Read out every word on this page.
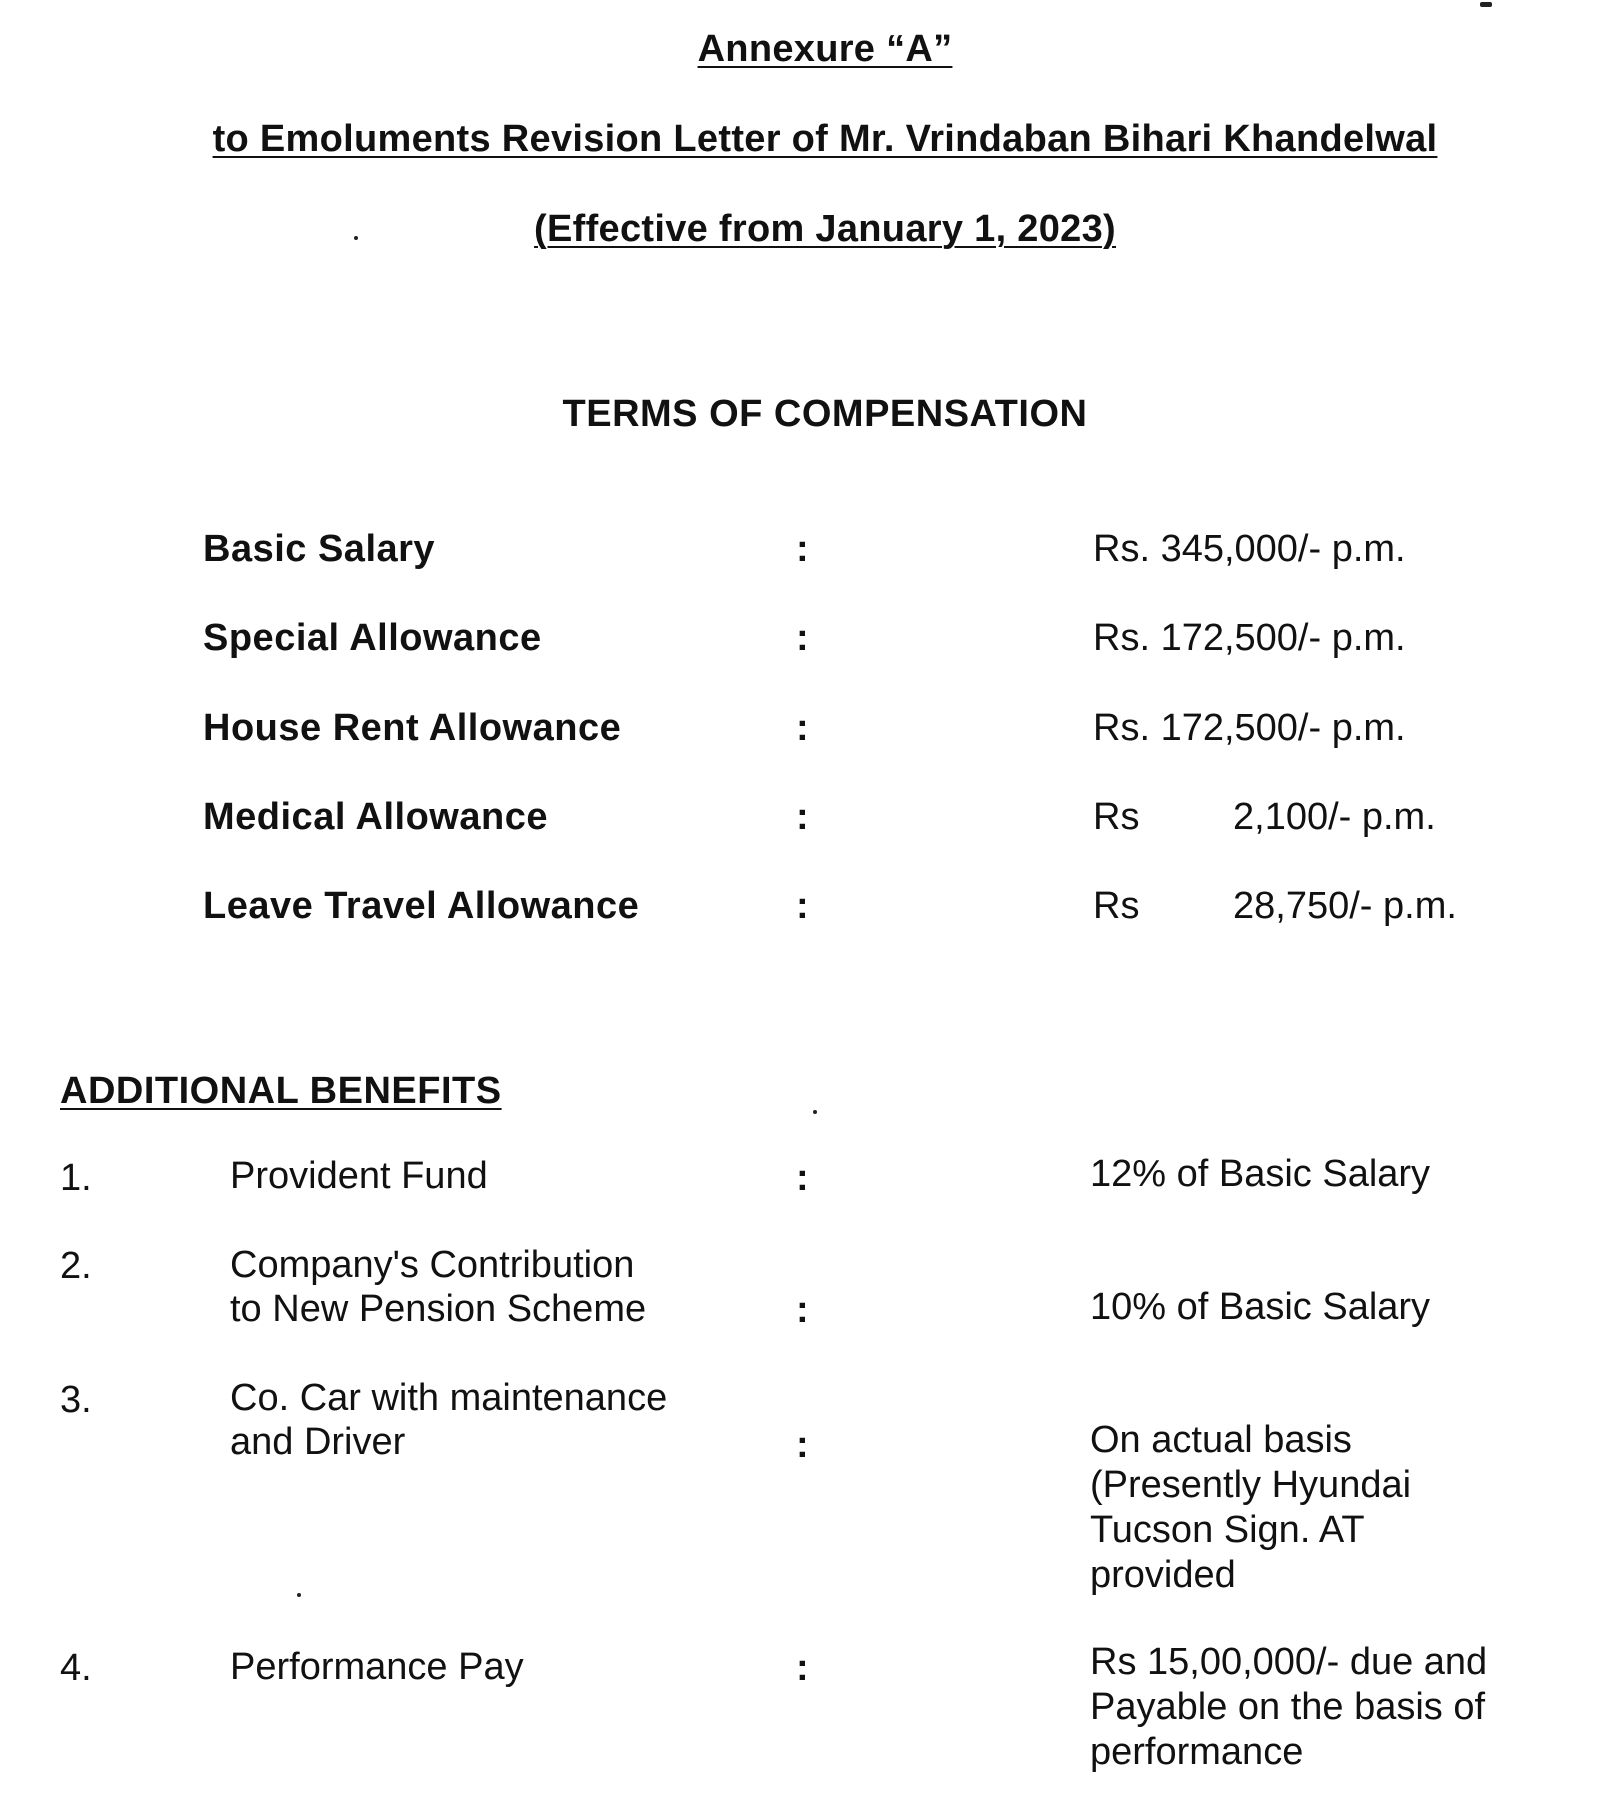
Annexure “A”
to Emoluments Revision Letter of Mr. Vrindaban Bihari Khandelwal
(Effective from January 1, 2023)
TERMS OF COMPENSATION
Basic Salary	:	Rs. 345,000/- p.m.
Special Allowance	:	Rs. 172,500/- p.m.
House Rent Allowance	:	Rs. 172,500/- p.m.
Medical Allowance	:	Rs 2,100/- p.m.
Leave Travel Allowance	:	Rs 28,750/- p.m.
ADDITIONAL BENEFITS
1.	Provident Fund	:	12% of Basic Salary
2.	Company's Contribution
to New Pension Scheme	:	10% of Basic Salary
3.	Co. Car with maintenance
and Driver	:	On actual basis
(Presently Hyundai
Tucson Sign. AT
provided
4.	Performance Pay	:	Rs 15,00,000/- due and
Payable on the basis of
performance
